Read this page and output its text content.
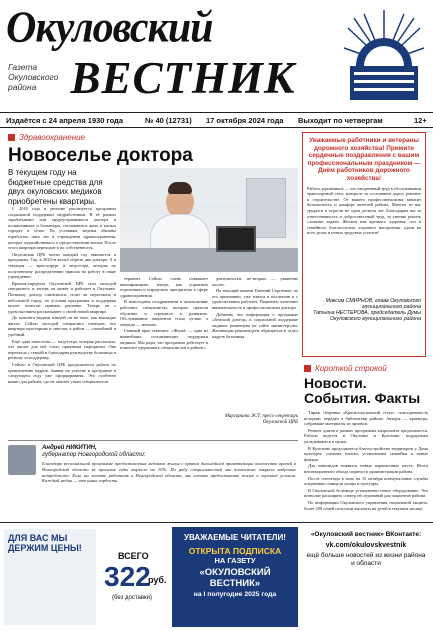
Окуловский
ВЕСТНИК
Газета Окуловского района
Издаётся с 24 апреля 1930 года	№ 40 (12731) 17 октября 2024 года Выходит по четвергам	12+
Здравоохранение
Новоселье доктора
В текущем году на бюджетные средства для двух окуловских медиков приобретены квартиры.

С 2010 года в регионе реализуется программа социальной поддержки медработников. В её рамках зарабатывают или трудоустраиваются доктора в поликлиниках и больницах, соглашаются жить в малых городах и сёлах. По условиям, медики обязаны отработать пять лет в учреждении здравоохранения, которое ходатайствовало о предоставлении жилья. После этого квартира переходит в их собственность.

Окуловская ЦРБ почти каждый год заявляется в программу. Так, в 2023-м жильё обрели два доктора. А в текущем — врач-хирург и медсестра, которая по полученному распределению пришла на работу в наше учреждение.

Врачом-хирургом Окуловской ЦРБ стал молодой специалист, и теперь он живёт и работает в Окуловке. Поначалу доктор сомневался, стоит ли переезжать в небольшой город, но условия программы и поддержка коллег помогли принять решение. Теперь он с удовольствием рассказывает о своей новой квартире.

До момента выдачи ключей он не знал, как выглядит жильё. Сейчас молодой специалист отмечает, что квартира просторная и светлая, а район — спокойный и удобный.

Ещё одна новосёлка — медсестра, которая рассказала, что жильё для неё стало приятным сюрпризом. Она переехала с семьёй и благодарна руководству больницы и региону за поддержку.

Сейчас в Окуловской ЦРБ продолжается работа по привлечению кадров. Заявки на участие в программе в следующем году уже сформированы. Это особенно важно для района, где не хватает узких специалистов.

терапевт. Сейчас очень повышает квалификацию, теперь как управлять отделением и определять приоритеты в сфере здравоохранения.

В новогоднем поздравлении в поликлинике работают специалисты, которые прошли обучение и стремятся к развитию. Обслуживание пациентов стало лучше, а очереди — меньше.

Главный врач отмечает: «Жильё — одна из важнейших составляющих поддержки медиков. Мы рады, что программа действует и помогает удерживать специалистов в районе».

деятельности, во-вторых — уважение коллег.

На текущий момент Евгений Сергеевич, по его признанию, уже влился в коллектив и с удовольствием работает. Пациенты отмечают внимательность и профессионализм доктора.

Добавим, что информация о программе «Земский доктор» и социальной поддержке медиков размещена на сайте министерства. Желающим рекомендуем обращаться в отдел кадров больницы.

Маргарита ЭСТ, пресс-секретарь Окуловской ЦРБ
Андрей НИКИТИН,
губернатор Новгородской области:
Благодаря региональной программе предоставления медикам жилья с правом дальнейшей приватизации количество врачей в Новгородской области за прошлые годы выросло на 10%. По ряду специальностей мы полностью закрыли кадровые потребности. Если вы хотите работать в Новгородской области, мы готовы предоставить жильё и хорошие условия. Каждый медик — это наша гордость.
Уважаемые работники и ветераны дорожного хозяйства! Примите сердечные поздравления с вашим профессиональным праздником — Днём работников дорожного хозяйства!
Работа дорожников — это ежедневный труд в обслуживании транспортной сети, контроле за состоянием дорог, ремонте и строительстве. От вашего профессионализма зависит безопасность и комфорт жителей района. Многие из вас трудятся в отрасли не один десяток лет. Благодарим вас за ответственность и добросовестный труд, за умение решать сложные задачи. Желаем вам крепкого здоровья, сил и семейного благополучия, хорошего настроения, удачи во всех делах и новых трудовых успехов!
Максим СМИРНОВ, глава Окуловского муниципального района
Татьяна НЕСТЕРОВА, председатель Думы Окуловского муниципального района
Короткой строкой
Новости. События. Факты

Тираж сборника «Красноокуловский статус: повседневность истории» передан в библиотеки района. Авторы — краеведы, собравшие материалы из архивов.

Ремонт домов в рамках программы капремонта продолжается. Работы ведутся в Окуловке и Кулотино, подрядчики укладываются в сроки.

В Кулотино продолжается благоустройство территории у Дома культуры: уложена плитка, установлены скамейки и новые фонари.

Для инвалидов появятся новые парковочные места. Итоги инспекционного обхода подвели в администрации района.

После снегопада в ночь на 15 октября коммунальные службы оперативно очищали улицы и тротуары.

В Окуловской больнице установлено новое оборудование. Это позволит расширить спектр обследований для пациентов района.

По информации Окуловского управления социальной защиты, более 200 семей получили выплаты на детей в текущем месяце.

ДЛЯ ВАС МЫ ДЕРЖИМ ЦЕНЫ!
ВСЕГО
322
руб.
(без доставки)
УВАЖАЕМЫЕ ЧИТАТЕЛИ!
ОТКРЫТА ПОДПИСКА
НА ГАЗЕТУ
«ОКУЛОВСКИЙ ВЕСТНИК»
на I полугодие 2025 года
«Окуловский вестник» ВКонтакте:
vk.com/okulovskvestnik
ещё больше новостей из жизни района и области
